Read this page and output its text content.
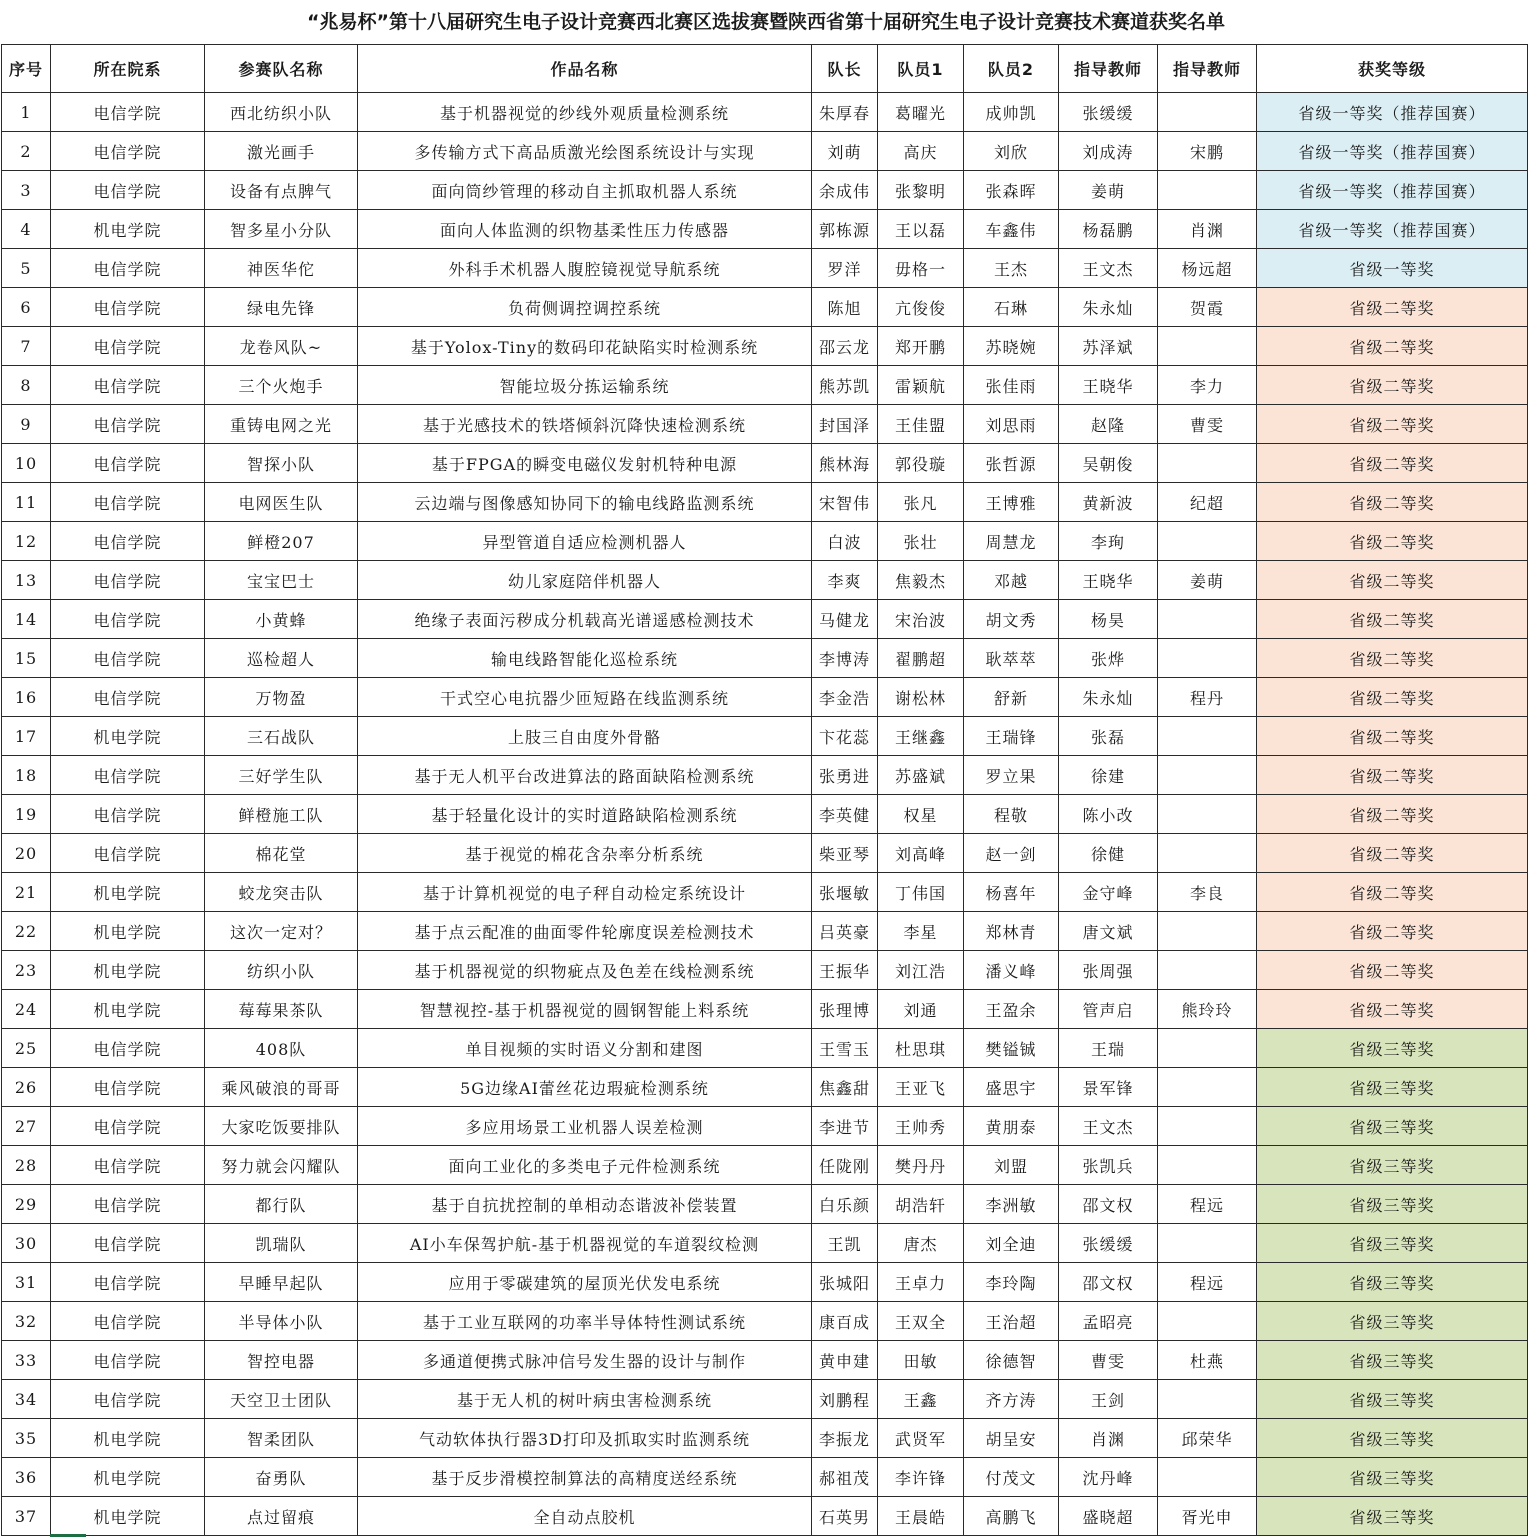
“兆易杯”第十八届研究生电子设计竞赛西北赛区选拔赛暨陕西省第十届研究生电子设计竞赛技术赛道获奖名单
序号	所在院系	参赛队名称	作品名称	队长	队员1	队员2	指导教师	指导教师	获奖等级
1	电信学院	西北纺织小队	基于机器视觉的纱线外观质量检测系统	朱厚春	葛曜光	成帅凯	张缓缓		省级一等奖（推荐国赛）
2	电信学院	激光画手	多传输方式下高品质激光绘图系统设计与实现	刘萌	高庆	刘欣	刘成涛	宋鹏	省级一等奖（推荐国赛）
3	电信学院	设备有点脾气	面向筒纱管理的移动自主抓取机器人系统	余成伟	张黎明	张森晖	姜萌		省级一等奖（推荐国赛）
4	机电学院	智多星小分队	面向人体监测的织物基柔性压力传感器	郭栋源	王以磊	车鑫伟	杨磊鹏	肖渊	省级一等奖（推荐国赛）
5	电信学院	神医华佗	外科手术机器人腹腔镜视觉导航系统	罗洋	毋格一	王杰	王文杰	杨远超	省级一等奖
6	电信学院	绿电先锋	负荷侧调控调控系统	陈旭	亢俊俊	石琳	朱永灿	贺霞	省级二等奖
7	电信学院	龙卷风队~	基于Yolox-Tiny的数码印花缺陷实时检测系统	邵云龙	郑开鹏	苏晓婉	苏泽斌		省级二等奖
8	电信学院	三个火炮手	智能垃圾分拣运输系统	熊苏凯	雷颖航	张佳雨	王晓华	李力	省级二等奖
9	电信学院	重铸电网之光	基于光感技术的铁塔倾斜沉降快速检测系统	封国泽	王佳盟	刘思雨	赵隆	曹雯	省级二等奖
10	电信学院	智探小队	基于FPGA的瞬变电磁仪发射机特种电源	熊林海	郭役璇	张哲源	吴朝俊		省级二等奖
11	电信学院	电网医生队	云边端与图像感知协同下的输电线路监测系统	宋智伟	张凡	王博雅	黄新波	纪超	省级二等奖
12	电信学院	鲜橙207	异型管道自适应检测机器人	白波	张壮	周慧龙	李珣		省级二等奖
13	电信学院	宝宝巴士	幼儿家庭陪伴机器人	李爽	焦毅杰	邓越	王晓华	姜萌	省级二等奖
14	电信学院	小黄蜂	绝缘子表面污秽成分机载高光谱遥感检测技术	马健龙	宋治波	胡文秀	杨昊		省级二等奖
15	电信学院	巡检超人	输电线路智能化巡检系统	李博涛	翟鹏超	耿萃萃	张烨		省级二等奖
16	电信学院	万物盈	干式空心电抗器少匝短路在线监测系统	李金浩	谢松林	舒新	朱永灿	程丹	省级二等奖
17	机电学院	三石战队	上肢三自由度外骨骼	卞花蕊	王继鑫	王瑞锋	张磊		省级二等奖
18	电信学院	三好学生队	基于无人机平台改进算法的路面缺陷检测系统	张勇进	苏盛斌	罗立果	徐建		省级二等奖
19	电信学院	鲜橙施工队	基于轻量化设计的实时道路缺陷检测系统	李英健	权星	程敬	陈小改		省级二等奖
20	电信学院	棉花堂	基于视觉的棉花含杂率分析系统	柴亚琴	刘高峰	赵一剑	徐健		省级二等奖
21	机电学院	蛟龙突击队	基于计算机视觉的电子秤自动检定系统设计	张堰敏	丁伟国	杨喜年	金守峰	李良	省级二等奖
22	机电学院	这次一定对？	基于点云配准的曲面零件轮廓度误差检测技术	吕英豪	李星	郑林青	唐文斌		省级二等奖
23	机电学院	纺织小队	基于机器视觉的织物疵点及色差在线检测系统	王振华	刘江浩	潘义峰	张周强		省级二等奖
24	机电学院	莓莓果茶队	智慧视控-基于机器视觉的圆钢智能上料系统	张理博	刘通	王盈余	管声启	熊玲玲	省级二等奖
25	电信学院	408队	单目视频的实时语义分割和建图	王雪玉	杜思琪	樊镒铖	王瑞		省级三等奖
26	电信学院	乘风破浪的哥哥	5G边缘AI蕾丝花边瑕疵检测系统	焦鑫甜	王亚飞	盛思宇	景军锋		省级三等奖
27	电信学院	大家吃饭要排队	多应用场景工业机器人误差检测	李进节	王帅秀	黄朋泰	王文杰		省级三等奖
28	电信学院	努力就会闪耀队	面向工业化的多类电子元件检测系统	任陇刚	樊丹丹	刘盟	张凯兵		省级三等奖
29	电信学院	都行队	基于自抗扰控制的单相动态谐波补偿装置	白乐颜	胡浩轩	李洲敏	邵文权	程远	省级三等奖
30	电信学院	凯瑞队	AI小车保驾护航-基于机器视觉的车道裂纹检测	王凯	唐杰	刘全迪	张缓缓		省级三等奖
31	电信学院	早睡早起队	应用于零碳建筑的屋顶光伏发电系统	张城阳	王卓力	李玲陶	邵文权	程远	省级三等奖
32	电信学院	半导体小队	基于工业互联网的功率半导体特性测试系统	康百成	王双全	王治超	孟昭亮		省级三等奖
33	电信学院	智控电器	多通道便携式脉冲信号发生器的设计与制作	黄申建	田敏	徐德智	曹雯	杜燕	省级三等奖
34	电信学院	天空卫士团队	基于无人机的树叶病虫害检测系统	刘鹏程	王鑫	齐方涛	王剑		省级三等奖
35	机电学院	智柔团队	气动软体执行器3D打印及抓取实时监测系统	李振龙	武贤军	胡呈安	肖渊	邱荣华	省级三等奖
36	机电学院	奋勇队	基于反步滑模控制算法的高精度送经系统	郝祖茂	李许锋	付茂文	沈丹峰		省级三等奖
37	机电学院	点过留痕	全自动点胶机	石英男	王晨皓	高鹏飞	盛晓超	胥光申	省级三等奖
